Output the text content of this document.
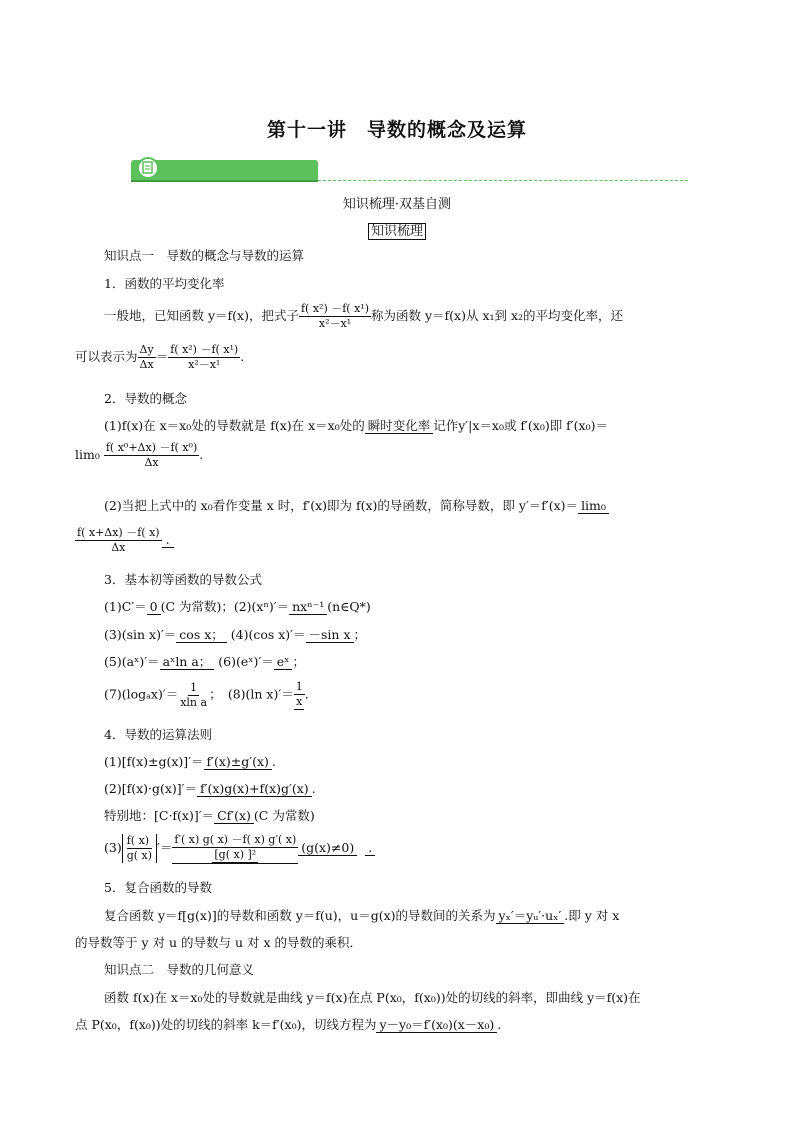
第十一讲　导数的概念及运算
知识梳理·双基自测
知识梳理
知识点一　导数的概念与导数的运算
1．函数的平均变化率
一般地，已知函数 y＝f(x)，把式子 $\frac{\text{f( x²) －f( x¹)}}{\text{x²－x¹}}$ 称为函数 y＝f(x)从 x₁到 x₂的平均变化率，还
可以表示为 $\frac{\Delta y}{\Delta x} = \frac{\text{f( x²) －f( x¹)}}{\text{x²－x¹}}$ .
2．导数的概念
(1)f(x)在 x＝x₀处的导数就是 f(x)在 x＝x₀处的 瞬时变化率 记作y′|x＝x₀或 f′(x₀)即 f′(x₀)＝
$\lim_0 \frac{\text{f( x⁰+Δx) －f( x⁰)}}{\Delta x}$ .
(2)当把上式中的 x₀看作变量 x 时，f′(x)即为 f(x)的导函数，简称导数，即 y′＝f′(x)＝ lim₀
$\frac{f( x+\Delta x) -f( x)}{\Delta x}$ .
3．基本初等函数的导数公式
(1)C′＝ 0 (C 为常数)；(2)(xⁿ)′＝ nxⁿ⁻¹ (n∈Q*)
(3)(sin x)′＝ cos x； (4)(cos x)′＝ －sin x ；
(5)(aˣ)′＝ aˣln a； (6)(eˣ)′＝ eˣ ；
$(7)(\log_ax)'= \frac{1}{\text{xln a}}$ ；　(8)(ln $x)'= \frac{1}{x}$ .
4．导数的运算法则
(1)[f(x)±g(x)]′＝ f′(x)±g′(x) .
(2)[f(x)·g(x)]′＝ f′(x)g(x)+f(x)g′(x) .
特别地：[C·f(x)]′＝ Cf′(x) (C 为常数)
$(3) \frac{f( x)}{g( x)}$ ′＝ $\frac{f'( x) g( x) -f( x) g'( x)}{\text{[g( x) ]²}} (g(x)\ne 0)$ .
5．复合函数的导数
复合函数 y＝f[g(x)]的导数和函数 y＝f(u)，u＝g(x)的导数间的关系为 yₓ′＝yᵤ′·uₓ′ .即 y 对 x
的导数等于 y 对 u 的导数与 u 对 x 的导数的乘积．
知识点二　导数的几何意义
函数 f(x)在 x＝x₀处的导数就是曲线 y＝f(x)在点 P(x₀，f(x₀))处的切线的斜率，即曲线 y＝f(x)在
点 P(x₀，f(x₀))处的切线的斜率 k＝f′(x₀)，切线方程为 y－y₀＝f′(x₀)(x－x₀) .
